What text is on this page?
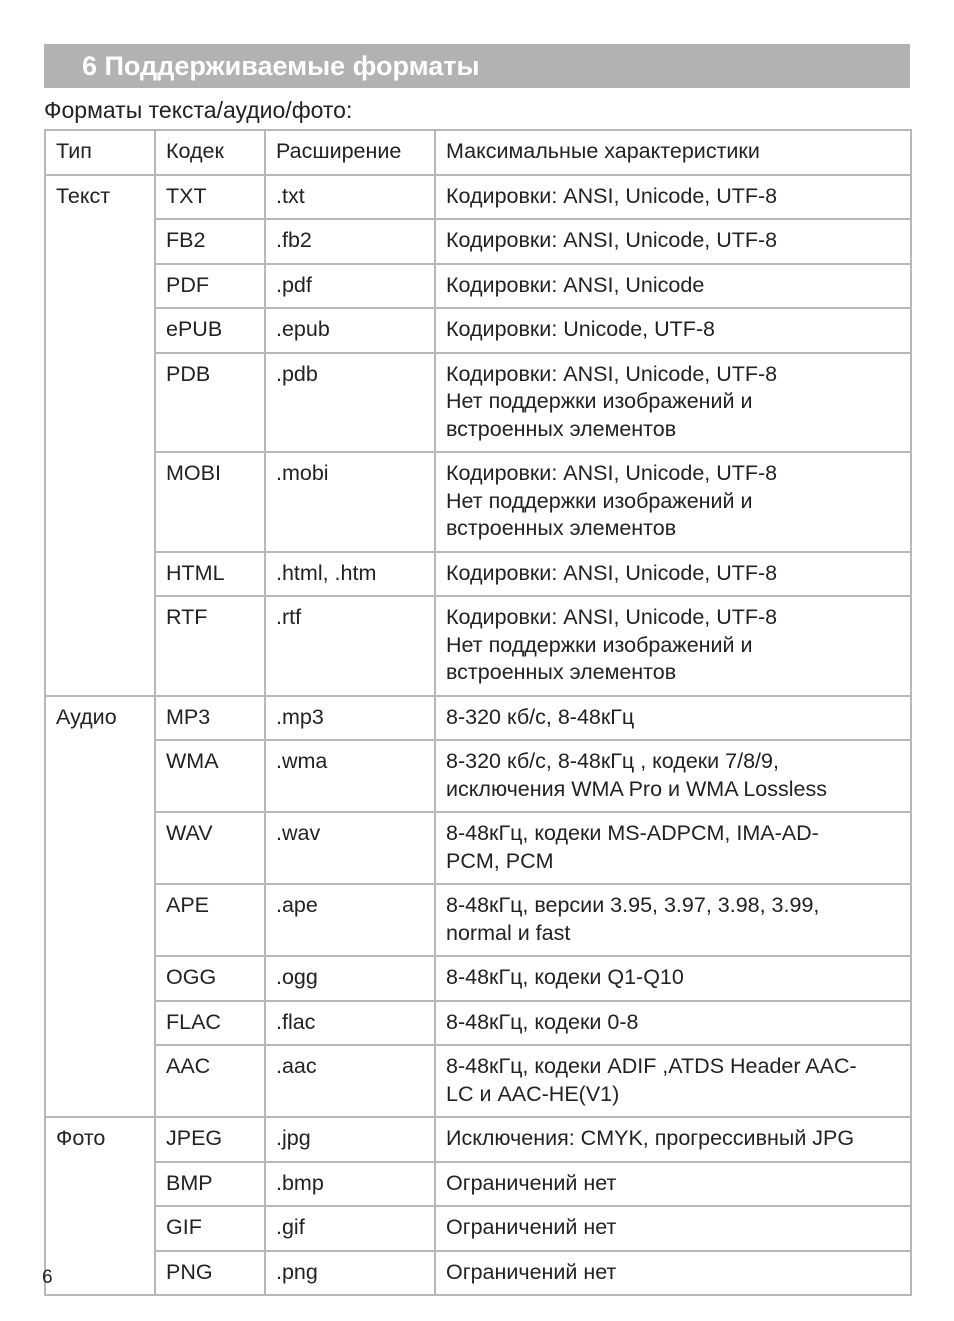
6 Поддерживаемые форматы
Форматы текста/аудио/фото:
Тип	Кодек	Расширение	Максимальные характеристики
Текст	TXT	.txt	Кодировки: ANSI, Unicode, UTF-8
	FB2	.fb2	Кодировки: ANSI, Unicode, UTF-8
	PDF	.pdf	Кодировки: ANSI, Unicode
	ePUB	.epub	Кодировки: Unicode, UTF-8
	PDB	.pdb	Кодировки: ANSI, Unicode, UTF-8
Нет поддержки изображений и
встроенных элементов
	MOBI	.mobi	Кодировки: ANSI, Unicode, UTF-8
Нет поддержки изображений и
встроенных элементов
	HTML	.html, .htm	Кодировки: ANSI, Unicode, UTF-8
	RTF	.rtf	Кодировки: ANSI, Unicode, UTF-8
Нет поддержки изображений и
встроенных элементов
Аудио	MP3	.mp3	8-320 кб/с, 8-48кГц
	WMA	.wma	8-320 кб/с, 8-48кГц , кодеки 7/8/9,
исключения WMA Pro и WMA Lossless
	WAV	.wav	8-48кГц, кодеки MS-ADPCM, IMA-AD-
PCM, PCM
	APE	.ape	8-48кГц, версии 3.95, 3.97, 3.98, 3.99,
normal и fast
	OGG	.ogg	8-48кГц, кодеки Q1-Q10
	FLAC	.flac	8-48кГц, кодеки 0-8
	AAC	.aac	8-48кГц, кодеки ADIF ,ATDS Header AAC-
LC и AAC-HE(V1)
Фото	JPEG	.jpg	Исключения: CMYK, прогрессивный JPG
	BMP	.bmp	Ограничений нет
	GIF	.gif	Ограничений нет
	PNG	.png	Ограничений нет
6
